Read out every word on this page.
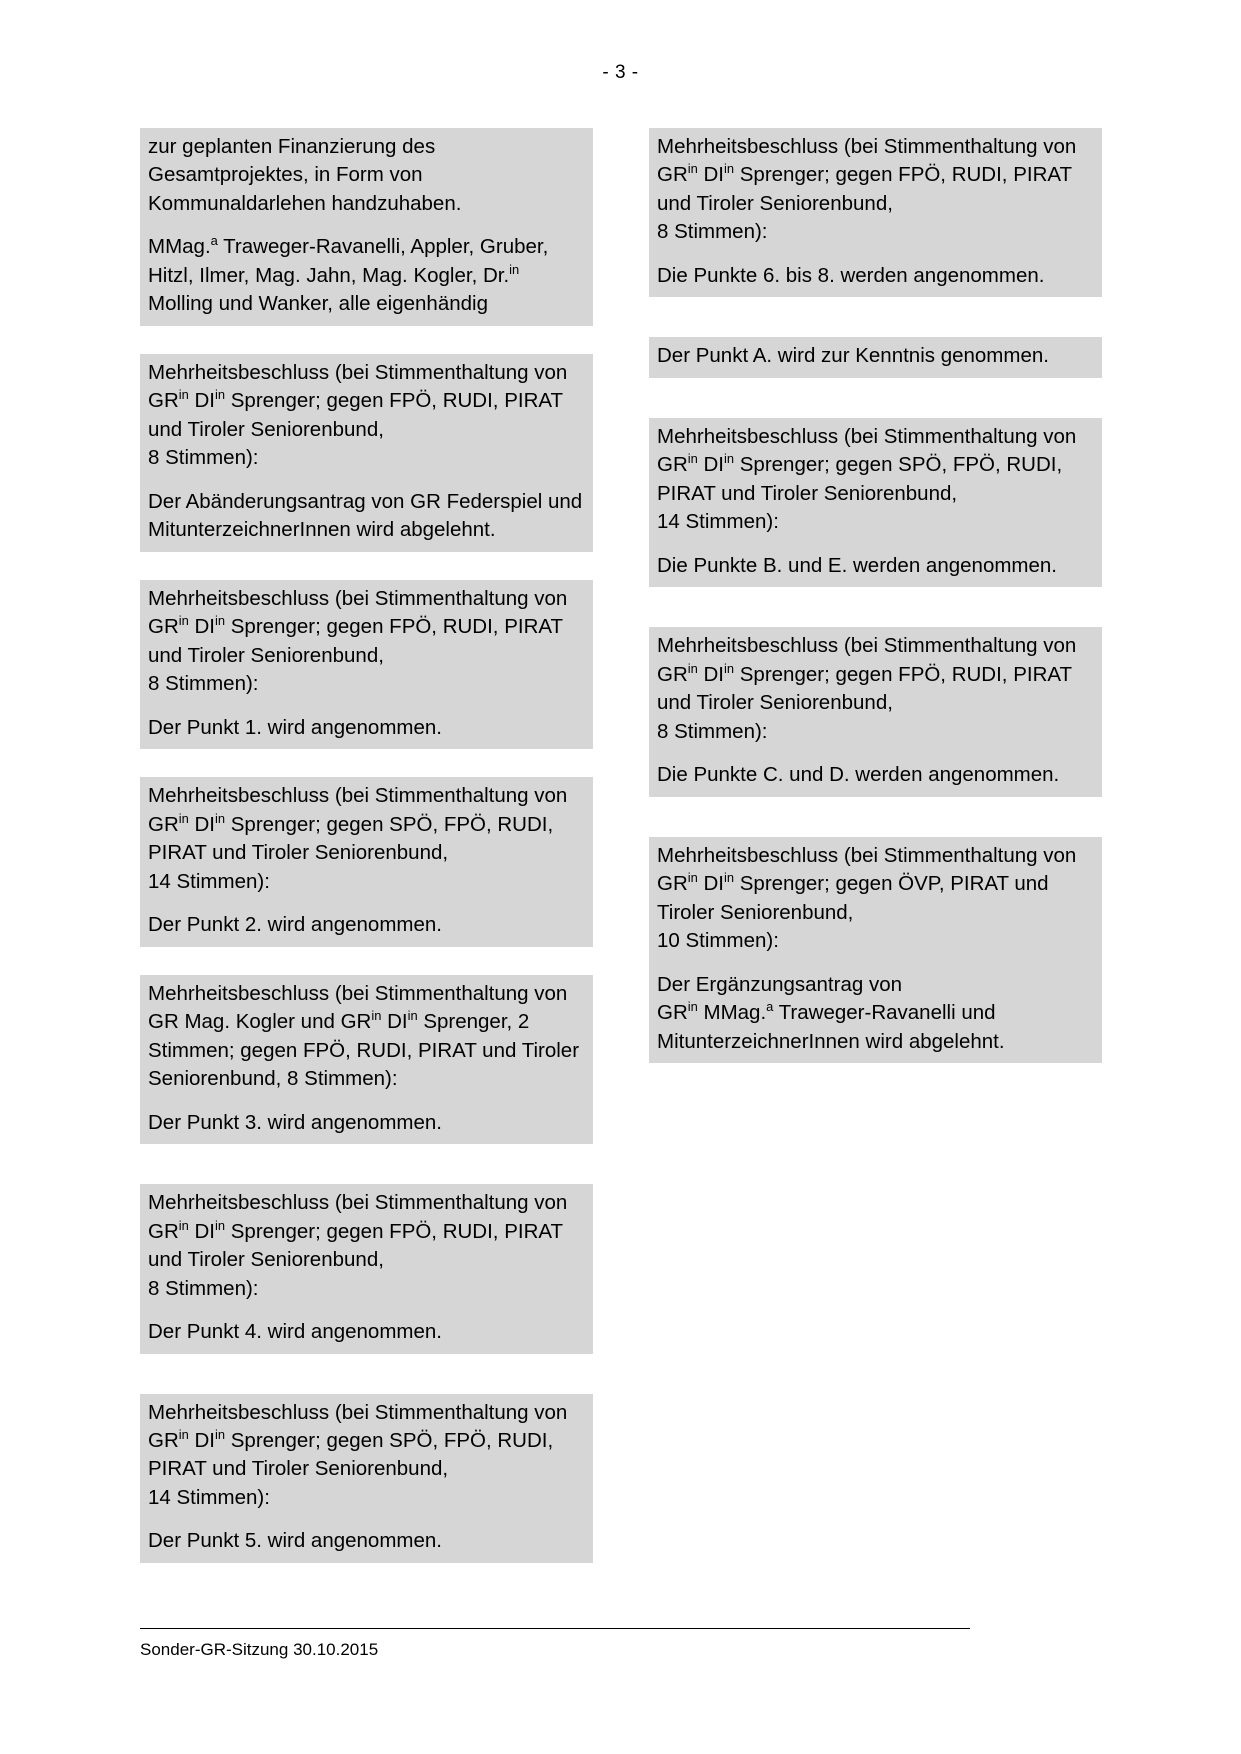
- 3 -

zur geplanten Finanzierung des Gesamtprojektes, in Form von Kommunaldarlehen handzuhaben.

MMag.$^a$ Traweger-Ravanelli, Appler, Gruber, Hitzl, Ilmer, Mag. Jahn, Mag. Kogler, Dr.$^{in}$ Molling und Wanker, alle eigenhändig

Mehrheitsbeschluss (bei Stimmenthaltung von $GR^{in}$ $DI^{in}$ Sprenger; gegen FPÖ, RUDI, PIRAT und Tiroler Seniorenbund,
8 Stimmen):

Der Abänderungsantrag von GR Federspiel und MitunterzeichnerInnen wird abgelehnt.

Mehrheitsbeschluss (bei Stimmenthaltung von $GR^{in}$ $DI^{in}$ Sprenger; gegen FPÖ, RUDI, PIRAT und Tiroler Seniorenbund,
8 Stimmen):

Der Punkt 1. wird angenommen.

Mehrheitsbeschluss (bei Stimmenthaltung von $GR^{in}$ $DI^{in}$ Sprenger; gegen SPÖ, FPÖ, RUDI, PIRAT und Tiroler Seniorenbund,
14 Stimmen):

Der Punkt 2. wird angenommen.

Mehrheitsbeschluss (bei Stimmenthaltung von GR Mag. Kogler und $GR^{in}$ $DI^{in}$ Sprenger, 2 Stimmen; gegen FPÖ, RUDI, PIRAT und Tiroler Seniorenbund, 8 Stimmen):

Der Punkt 3. wird angenommen.

Mehrheitsbeschluss (bei Stimmenthaltung von $GR^{in}$ $DI^{in}$ Sprenger; gegen FPÖ, RUDI, PIRAT und Tiroler Seniorenbund,
8 Stimmen):

Der Punkt 4. wird angenommen.

Mehrheitsbeschluss (bei Stimmenthaltung von $GR^{in}$ $DI^{in}$ Sprenger; gegen SPÖ, FPÖ, RUDI, PIRAT und Tiroler Seniorenbund,
14 Stimmen):

Der Punkt 5. wird angenommen.

Mehrheitsbeschluss (bei Stimmenthaltung von $GR^{in}$ $DI^{in}$ Sprenger; gegen FPÖ, RUDI, PIRAT und Tiroler Seniorenbund,
8 Stimmen):

Die Punkte 6. bis 8. werden angenommen.

Der Punkt A. wird zur Kenntnis genommen.

Mehrheitsbeschluss (bei Stimmenthaltung von $GR^{in}$ $DI^{in}$ Sprenger; gegen SPÖ, FPÖ, RUDI, PIRAT und Tiroler Seniorenbund,
14 Stimmen):

Die Punkte B. und E. werden angenommen.

Mehrheitsbeschluss (bei Stimmenthaltung von $GR^{in}$ $DI^{in}$ Sprenger; gegen FPÖ, RUDI, PIRAT und Tiroler Seniorenbund,
8 Stimmen):

Die Punkte C. und D. werden angenommen.

Mehrheitsbeschluss (bei Stimmenthaltung von $GR^{in}$ $DI^{in}$ Sprenger; gegen ÖVP, PIRAT und Tiroler Seniorenbund,
10 Stimmen):

Der Ergänzungsantrag von
$GR^{in}$ MMag.$^a$ Traweger-Ravanelli und MitunterzeichnerInnen wird abgelehnt.

Sonder-GR-Sitzung 30.10.2015
